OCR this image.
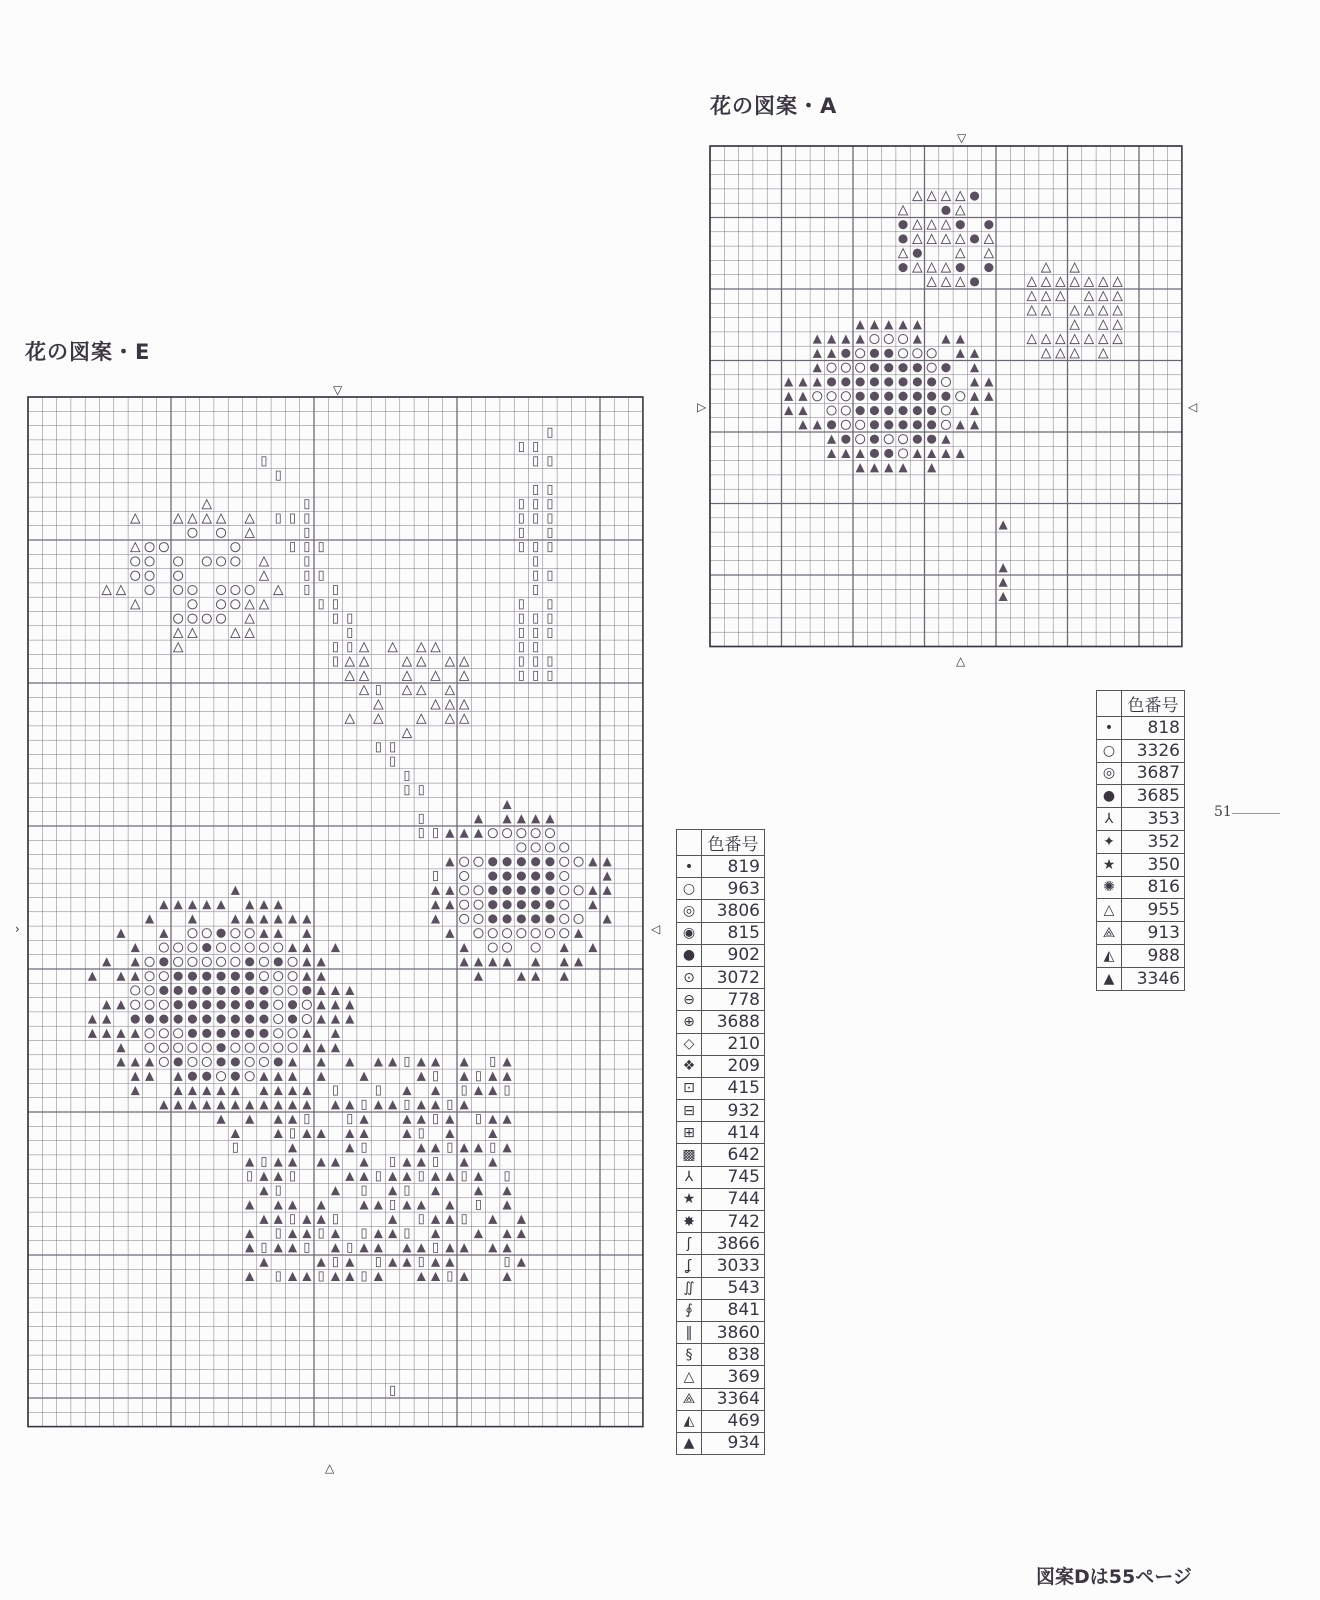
花の図案・E
花の図案・A
▽
△
›	◁
▽
△
▷	◁
	色番号
•	819
○	963
◎	3806
◉	815
●	902
⊙	3072
⊖	778
⊕	3688
◇	210
❖	209
⊡	415
⊟	932
⊞	414
▩	642
⅄	745
★	744
✸	742
ʃ	3866
ʆ	3033
∬	543
∮	841
‖	3860
§	838
△	369
⟁	3364
◭	469
▲	934
	色番号
•	818
○	3326
◎	3687
●	3685
⅄	353
✦	352
★	350
✺	816
△	955
⟁	913
◭	988
▲	3346
51
図案Dは55ページ
